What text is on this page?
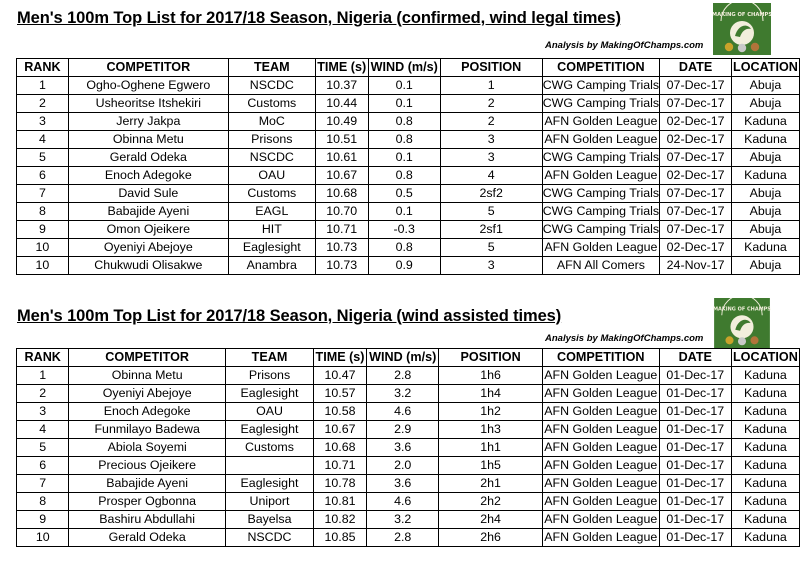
Men's 100m Top List for 2017/18 Season, Nigeria (confirmed, wind legal times)
Analysis by MakingOfChamps.com
MAKING OF CHAMPS
RANK	COMPETITOR	TEAM	TIME (s)	WIND (m/s)	POSITION	COMPETITION	DATE	LOCATION
1	Ogho-Oghene Egwero	NSCDC	10.37	0.1	1	CWG Camping Trials	07-Dec-17	Abuja
2	Usheoritse Itshekiri	Customs	10.44	0.1	2	CWG Camping Trials	07-Dec-17	Abuja
3	Jerry Jakpa	MoC	10.49	0.8	2	AFN Golden League	02-Dec-17	Kaduna
4	Obinna Metu	Prisons	10.51	0.8	3	AFN Golden League	02-Dec-17	Kaduna
5	Gerald Odeka	NSCDC	10.61	0.1	3	CWG Camping Trials	07-Dec-17	Abuja
6	Enoch Adegoke	OAU	10.67	0.8	4	AFN Golden League	02-Dec-17	Kaduna
7	David Sule	Customs	10.68	0.5	2sf2	CWG Camping Trials	07-Dec-17	Abuja
8	Babajide Ayeni	EAGL	10.70	0.1	5	CWG Camping Trials	07-Dec-17	Abuja
9	Omon Ojeikere	HIT	10.71	-0.3	2sf1	CWG Camping Trials	07-Dec-17	Abuja
10	Oyeniyi Abejoye	Eaglesight	10.73	0.8	5	AFN Golden League	02-Dec-17	Kaduna
10	Chukwudi Olisakwe	Anambra	10.73	0.9	3	AFN All Comers	24-Nov-17	Abuja
Men's 100m Top List for 2017/18 Season, Nigeria (wind assisted times)
Analysis by MakingOfChamps.com
MAKING OF CHAMPS
RANK	COMPETITOR	TEAM	TIME (s)	WIND (m/s)	POSITION	COMPETITION	DATE	LOCATION
1	Obinna Metu	Prisons	10.47	2.8	1h6	AFN Golden League	01-Dec-17	Kaduna
2	Oyeniyi Abejoye	Eaglesight	10.57	3.2	1h4	AFN Golden League	01-Dec-17	Kaduna
3	Enoch Adegoke	OAU	10.58	4.6	1h2	AFN Golden League	01-Dec-17	Kaduna
4	Funmilayo Badewa	Eaglesight	10.67	2.9	1h3	AFN Golden League	01-Dec-17	Kaduna
5	Abiola Soyemi	Customs	10.68	3.6	1h1	AFN Golden League	01-Dec-17	Kaduna
6	Precious Ojeikere		10.71	2.0	1h5	AFN Golden League	01-Dec-17	Kaduna
7	Babajide Ayeni	Eaglesight	10.78	3.6	2h1	AFN Golden League	01-Dec-17	Kaduna
8	Prosper Ogbonna	Uniport	10.81	4.6	2h2	AFN Golden League	01-Dec-17	Kaduna
9	Bashiru Abdullahi	Bayelsa	10.82	3.2	2h4	AFN Golden League	01-Dec-17	Kaduna
10	Gerald Odeka	NSCDC	10.85	2.8	2h6	AFN Golden League	01-Dec-17	Kaduna
